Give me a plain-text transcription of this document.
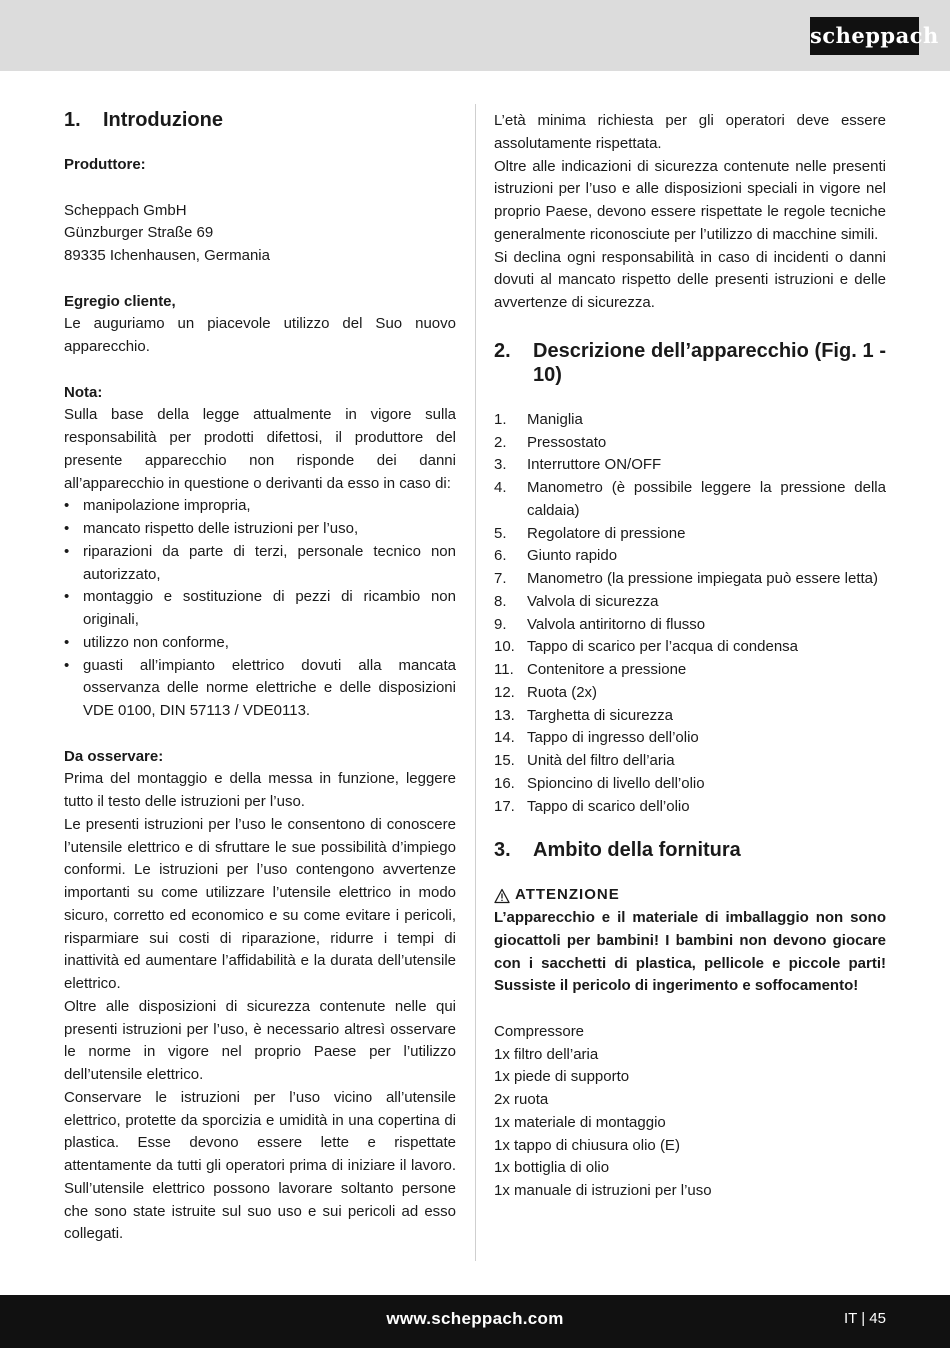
scheppach
1.	Introduzione

Produttore:

Scheppach GmbH

Günzburger Straße 69

89335 Ichenhausen, Germania

Egregio cliente,

Le auguriamo un piacevole utilizzo del Suo nuovo apparecchio.

Nota:

Sulla base della legge attualmente in vigore sulla responsabilità per prodotti difettosi, il produttore del presente apparecchio non risponde dei danni all’apparecchio in questione o derivanti da esso in caso di:

• manipolazione impropria,
• mancato rispetto delle istruzioni per l’uso,
• riparazioni da parte di terzi, personale tecnico non autorizzato,
• montaggio e sostituzione di pezzi di ricambio non originali,
• utilizzo non conforme,
• guasti all’impianto elettrico dovuti alla mancata osservanza delle norme elettriche e delle disposizioni VDE 0100, DIN 57113 / VDE0113.

Da osservare:

Prima del montaggio e della messa in funzione, leggere tutto il testo delle istruzioni per l’uso.

Le presenti istruzioni per l’uso le consentono di conoscere l’utensile elettrico e di sfruttare le sue possibilità d’impiego conformi. Le istruzioni per l’uso contengono avvertenze importanti su come utilizzare l’utensile elettrico in modo sicuro, corretto ed economico e su come evitare i pericoli, risparmiare sui costi di riparazione, ridurre i tempi di inattività ed aumentare l’affidabilità e la durata dell’utensile elettrico.

Oltre alle disposizioni di sicurezza contenute nelle qui presenti istruzioni per l’uso, è necessario altresì osservare le norme in vigore nel proprio Paese per l’utilizzo dell’utensile elettrico.

Conservare le istruzioni per l’uso vicino all’utensile elettrico, protette da sporcizia e umidità in una copertina di plastica. Esse devono essere lette e rispettate attentamente da tutti gli operatori prima di iniziare il lavoro. Sull’utensile elettrico possono lavorare soltanto persone che sono state istruite sul suo uso e sui pericoli ad esso collegati.

L’età minima richiesta per gli operatori deve essere assolutamente rispettata.

Oltre alle indicazioni di sicurezza contenute nelle presenti istruzioni per l’uso e alle disposizioni speciali in vigore nel proprio Paese, devono essere rispettate le regole tecniche generalmente riconosciute per l’utilizzo di macchine simili.

Si declina ogni responsabilità in caso di incidenti o danni dovuti al mancato rispetto delle presenti istruzioni e delle avvertenze di sicurezza.

2.	Descrizione dell’apparecchio (Fig. 1 - 10)
1.	Maniglia
2.	Pressostato
3.	Interruttore ON/OFF
4.	Manometro (è possibile leggere la pressione della caldaia)
5.	Regolatore di pressione
6.	Giunto rapido
7.	Manometro (la pressione impiegata può essere letta)
8.	Valvola di sicurezza
9.	Valvola antiritorno di flusso
10. Tappo di scarico per l’acqua di condensa
11. Contenitore a pressione
12. Ruota (2x)
13. Targhetta di sicurezza
14. Tappo di ingresso dell’olio
15. Unità del filtro dell’aria
16. Spioncino di livello dell’olio
17. Tappo di scarico dell’olio
3.	Ambito della fornitura
ATTENZIONE

L’apparecchio e il materiale di imballaggio non sono giocattoli per bambini! I bambini non devono giocare con i sacchetti di plastica, pellicole e piccole parti! Sussiste il pericolo di ingerimento e soffocamento!

Compressore
1x filtro dell’aria
1x piede di supporto
2x ruota
1x materiale di montaggio
1x tappo di chiusura olio (E)
1x bottiglia di olio
1x manuale di istruzioni per l’uso
www.scheppach.com	IT | 45
